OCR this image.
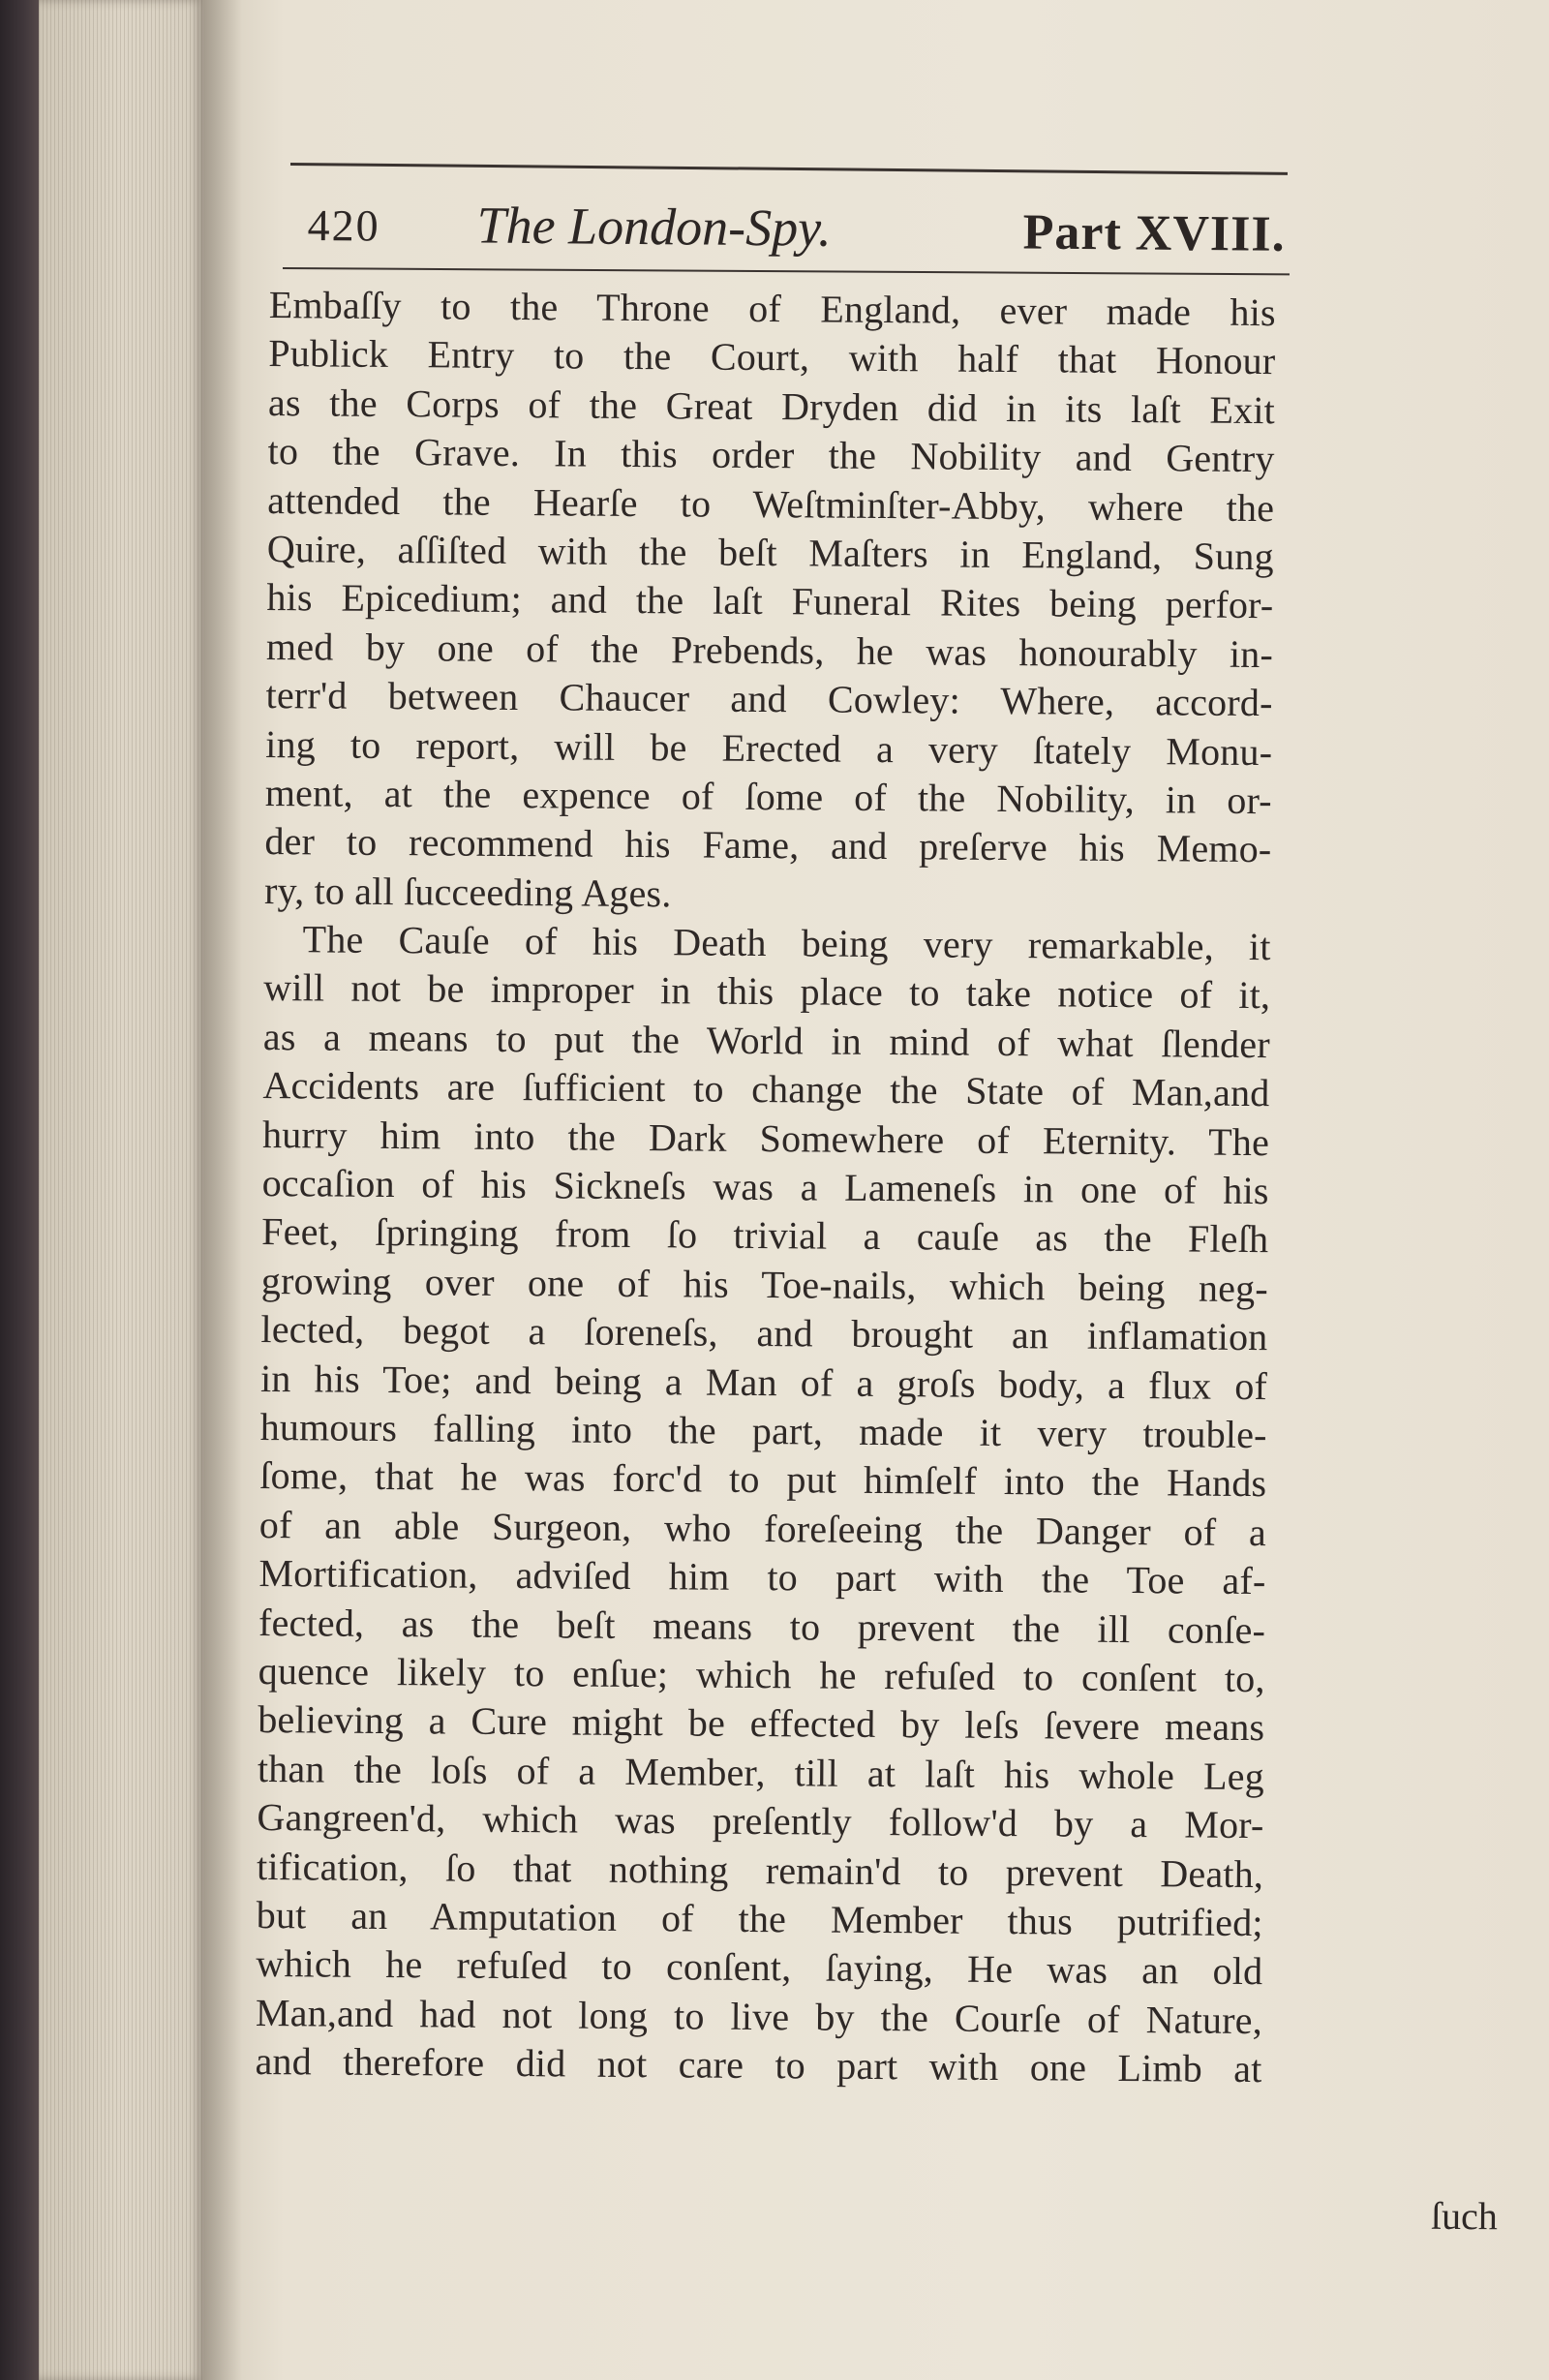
420 The London-Spy.	Part XVIII.
Embaſſy to the Throne of England, ever made his
Publick Entry to the Court, with half that Honour
as the Corps of the Great Dryden did in its laſt Exit
to the Grave. In this order the Nobility and Gentry
attended the Hearſe to Weſtminſter-Abby, where the
Quire, aſſiſted with the beſt Maſters in England, Sung
his Epicedium; and the laſt Funeral Rites being perfor-
med by one of the Prebends, he was honourably in-
terr'd between Chaucer and Cowley: Where, accord-
ing to report, will be Erected a very ſtately Monu-
ment, at the expence of ſome of the Nobility, in or-
der to recommend his Fame, and preſerve his Memo-
ry, to all ſucceeding Ages.
The Cauſe of his Death being very remarkable, it
will not be improper in this place to take notice of it,
as a means to put the World in mind of what ſlender
Accidents are ſufficient to change the State of Man,and
hurry him into the Dark Somewhere of Eternity. The
occaſion of his Sickneſs was a Lameneſs in one of his
Feet, ſpringing from ſo trivial a cauſe as the Fleſh
growing over one of his Toe-nails, which being neg-
lected, begot a ſoreneſs, and brought an inflamation
in his Toe; and being a Man of a groſs body, a flux of
humours falling into the part, made it very trouble-
ſome, that he was forc'd to put himſelf into the Hands
of an able Surgeon, who foreſeeing the Danger of a
Mortification, adviſed him to part with the Toe af-
fected, as the beſt means to prevent the ill conſe-
quence likely to enſue; which he refuſed to conſent to,
believing a Cure might be effected by leſs ſevere means
than the loſs of a Member, till at laſt his whole Leg
Gangreen'd, which was preſently follow'd by a Mor-
tification, ſo that nothing remain'd to prevent Death,
but an Amputation of the Member thus putrified;
which he refuſed to conſent, ſaying, He was an old
Man,and had not long to live by the Courſe of Nature,
and therefore did not care to part with one Limb at
ſuch
